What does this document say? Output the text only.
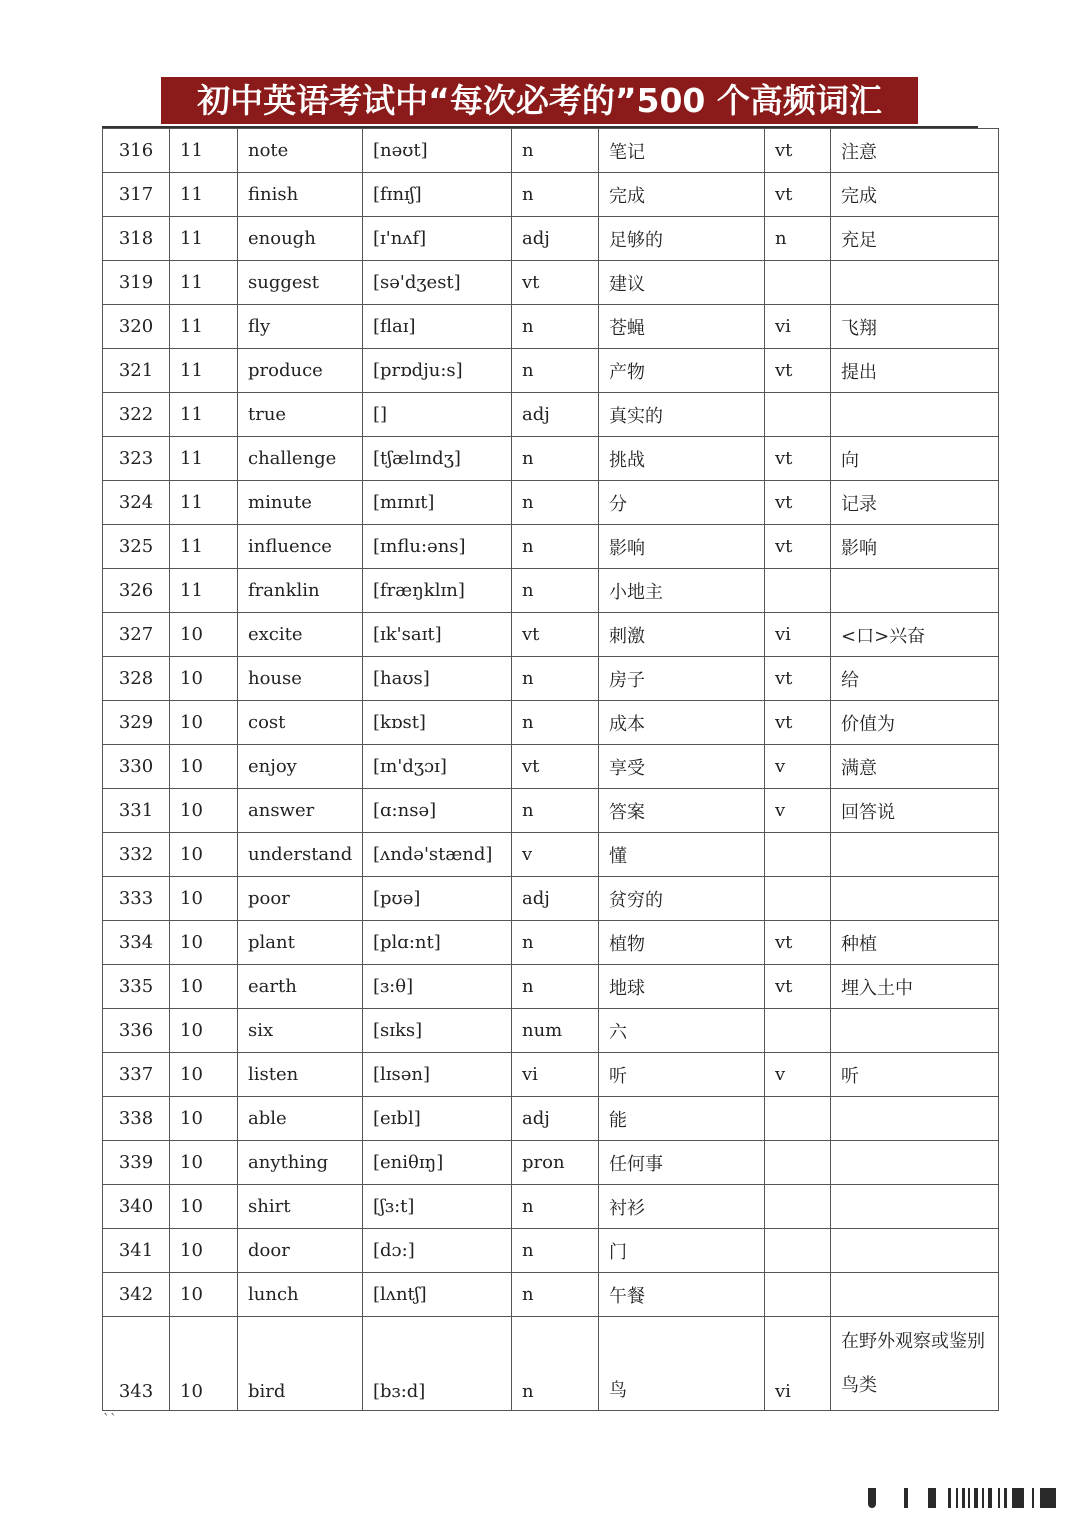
初中英语考试中“每次必考的”500 个高频词汇
316	11	note	[nəʊt]	n	笔记	vt	注意
317	11	finish	[fɪnɪʃ]	n	完成	vt	完成
318	11	enough	[ɪ'nʌf]	adj	足够的	n	充足
319	11	suggest	[sə'dʒest]	vt	建议		
320	11	fly	[flaɪ]	n	苍蝇	vi	飞翔
321	11	produce	[prɒdju:s]	n	产物	vt	提出
322	11	true	[]	adj	真实的		
323	11	challenge	[tʃælɪndʒ]	n	挑战	vt	向
324	11	minute	[mɪnɪt]	n	分	vt	记录
325	11	influence	[ɪnflu:əns]	n	影响	vt	影响
326	11	franklin	[fræŋklɪn]	n	小地主		
327	10	excite	[ɪk'saɪt]	vt	刺激	vi	<口>兴奋
328	10	house	[haʊs]	n	房子	vt	给
329	10	cost	[kɒst]	n	成本	vt	价值为
330	10	enjoy	[ɪn'dʒɔɪ]	vt	享受	v	满意
331	10	answer	[ɑ:nsə]	n	答案	v	回答说
332	10	understand	[ʌndə'stænd]	v	懂		
333	10	poor	[pʊə]	adj	贫穷的		
334	10	plant	[plɑ:nt]	n	植物	vt	种植
335	10	earth	[ɜ:θ]	n	地球	vt	埋入土中
336	10	six	[sɪks]	num	六		
337	10	listen	[lɪsən]	vi	听	v	听
338	10	able	[eɪbl]	adj	能		
339	10	anything	[eniθɪŋ]	pron	任何事		
340	10	shirt	[ʃɜ:t]	n	衬衫		
341	10	door	[dɔ:]	n	门		
342	10	lunch	[lʌntʃ]	n	午餐		
343	10	bird	[bɜ:d]	n	鸟	vi	在野外观察或鉴别鸟类
``
